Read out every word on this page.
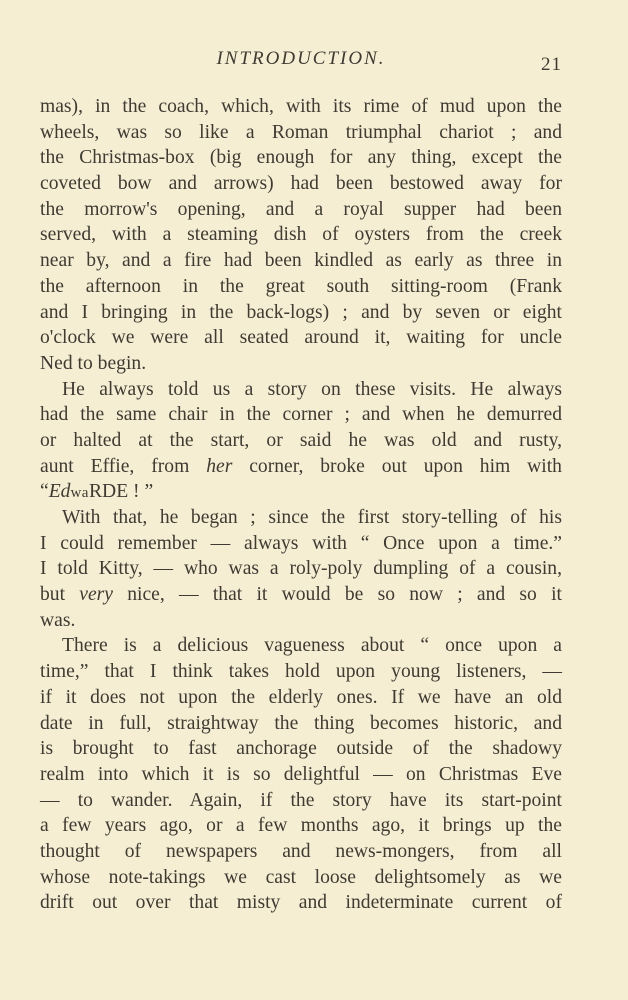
INTRODUCTION.	21
mas), in the coach, which, with its rime of mud upon the
wheels, was so like a Roman triumphal chariot ; and
the Christmas-box (big enough for any thing, except the
coveted bow and arrows) had been bestowed away for
the morrow's opening, and a royal supper had been
served, with a steaming dish of oysters from the creek
near by, and a fire had been kindled as early as three in
the afternoon in the great south sitting-room (Frank
and I bringing in the back-logs) ; and by seven or eight
o'clock we were all seated around it, waiting for uncle
Ned to begin.
He always told us a story on these visits. He always
had the same chair in the corner ; and when he demurred
or halted at the start, or said he was old and rusty,
aunt Effie, from her corner, broke out upon him with
“EdwaRDE ! ”
With that, he began ; since the first story-telling of his
I could remember — always with “ Once upon a time.”
I told Kitty, — who was a roly-poly dumpling of a cousin,
but very nice, — that it would be so now ; and so it
was.
There is a delicious vagueness about “ once upon a
time,” that I think takes hold upon young listeners, —
if it does not upon the elderly ones. If we have an old
date in full, straightway the thing becomes historic, and
is brought to fast anchorage outside of the shadowy
realm into which it is so delightful — on Christmas Eve
— to wander. Again, if the story have its start-point
a few years ago, or a few months ago, it brings up the
thought of newspapers and news-mongers, from all
whose note-takings we cast loose delightsomely as we
drift out over that misty and indeterminate current of
